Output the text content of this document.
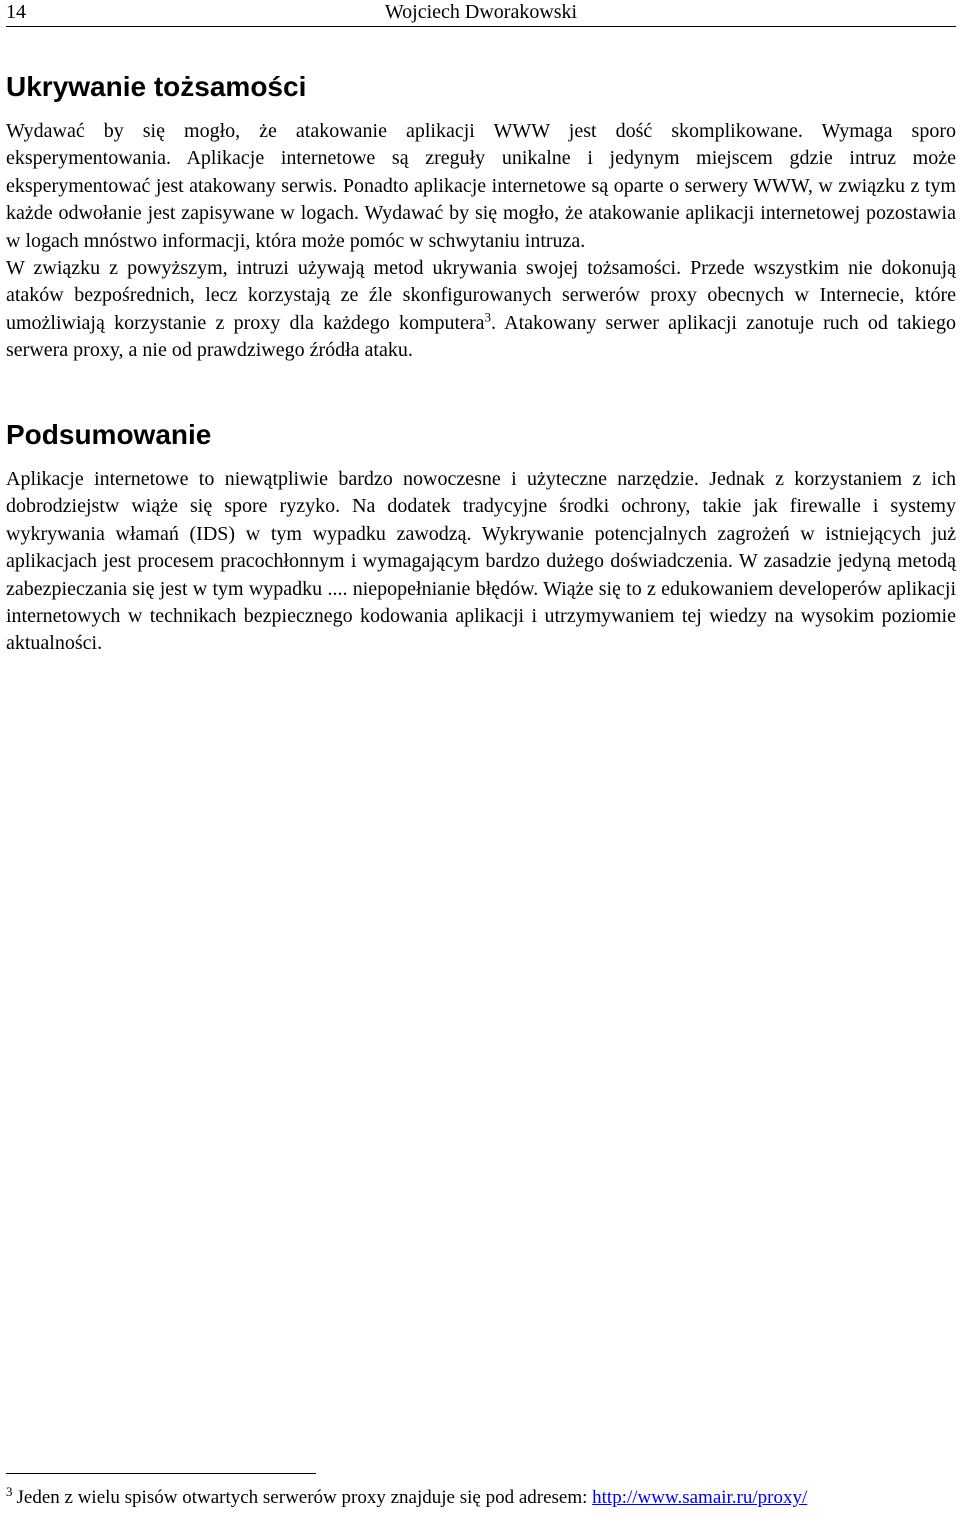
14	Wojciech Dworakowski
Ukrywanie tożsamości

Wydawać by się mogło, że atakowanie aplikacji WWW jest dość skomplikowane. Wymaga sporo eksperymentowania. Aplikacje internetowe są zreguły unikalne i jedynym miejscem gdzie intruz może eksperymentować jest atakowany serwis. Ponadto aplikacje internetowe są oparte o serwery WWW, w związku z tym każde odwołanie jest zapisywane w logach. Wydawać by się mogło, że atakowanie aplikacji internetowej pozostawia w logach mnóstwo informacji, która może pomóc w schwytaniu intruza.

W związku z powyższym, intruzi używają metod ukrywania swojej tożsamości. Przede wszystkim nie dokonują ataków bezpośrednich, lecz korzystają ze źle skonfigurowanych serwerów proxy obecnych w Internecie, które umożliwiają korzystanie z proxy dla każdego komputera$^3$. Atakowany serwer aplikacji zanotuje ruch od takiego serwera proxy, a nie od prawdziwego źródła ataku.

Podsumowanie

Aplikacje internetowe to niewątpliwie bardzo nowoczesne i użyteczne narzędzie. Jednak z korzystaniem z ich dobrodziejstw wiąże się spore ryzyko. Na dodatek tradycyjne środki ochrony, takie jak firewalle i systemy wykrywania włamań (IDS) w tym wypadku zawodzą. Wykrywanie potencjalnych zagrożeń w istniejących już aplikacjach jest procesem pracochłonnym i wymagającym bardzo dużego doświadczenia. W zasadzie jedyną metodą zabezpieczania się jest w tym wypadku .... niepopełnianie błędów. Wiąże się to z edukowaniem developerów aplikacji internetowych w technikach bezpiecznego kodowania aplikacji i utrzymywaniem tej wiedzy na wysokim poziomie aktualności.

$^3$ Jeden z wielu spisów otwartych serwerów proxy znajduje się pod adresem: http://www.samair.ru/proxy/
